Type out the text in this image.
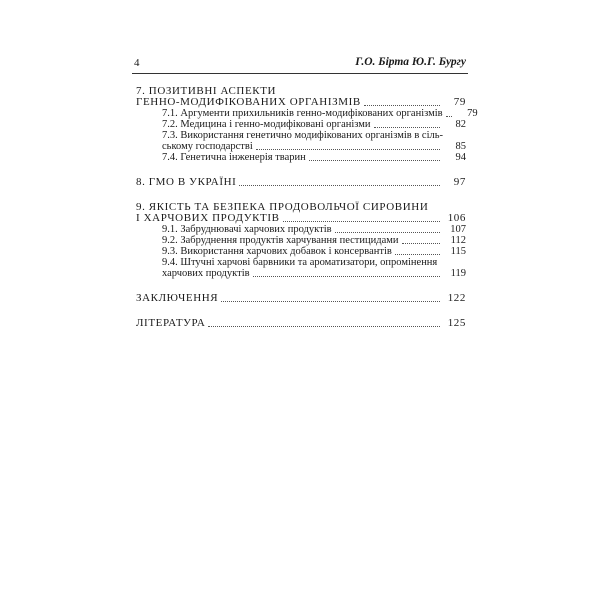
4	Г.О. Бірта Ю.Г. Бургу
7. ПОЗИТИВНІ АСПЕКТИ
ГЕННО-МОДИФІКОВАНИХ ОРГАНІЗМІВ	79
7.1. Аргументи прихильників генно-модифікованих організмів	79
7.2. Медицина і генно-модифіковані організми	82
7.3. Використання генетично модифікованих організмів в сіль-
ському господарстві	85
7.4. Генетична інженерія тварин	94
8. ГМО В УКРАЇНІ	97
9. ЯКІСТЬ ТА БЕЗПЕКА ПРОДОВОЛЬЧОЇ СИРОВИНИ
І ХАРЧОВИХ ПРОДУКТІВ	106
9.1. Забруднювачі харчових продуктів	107
9.2. Забруднення продуктів харчування пестицидами	112
9.3. Використання харчових добавок і консервантів	115
9.4. Штучні харчові барвники та ароматизатори, опромінення
харчових продуктів	119
ЗАКЛЮЧЕННЯ	122
ЛІТЕРАТУРА	125
